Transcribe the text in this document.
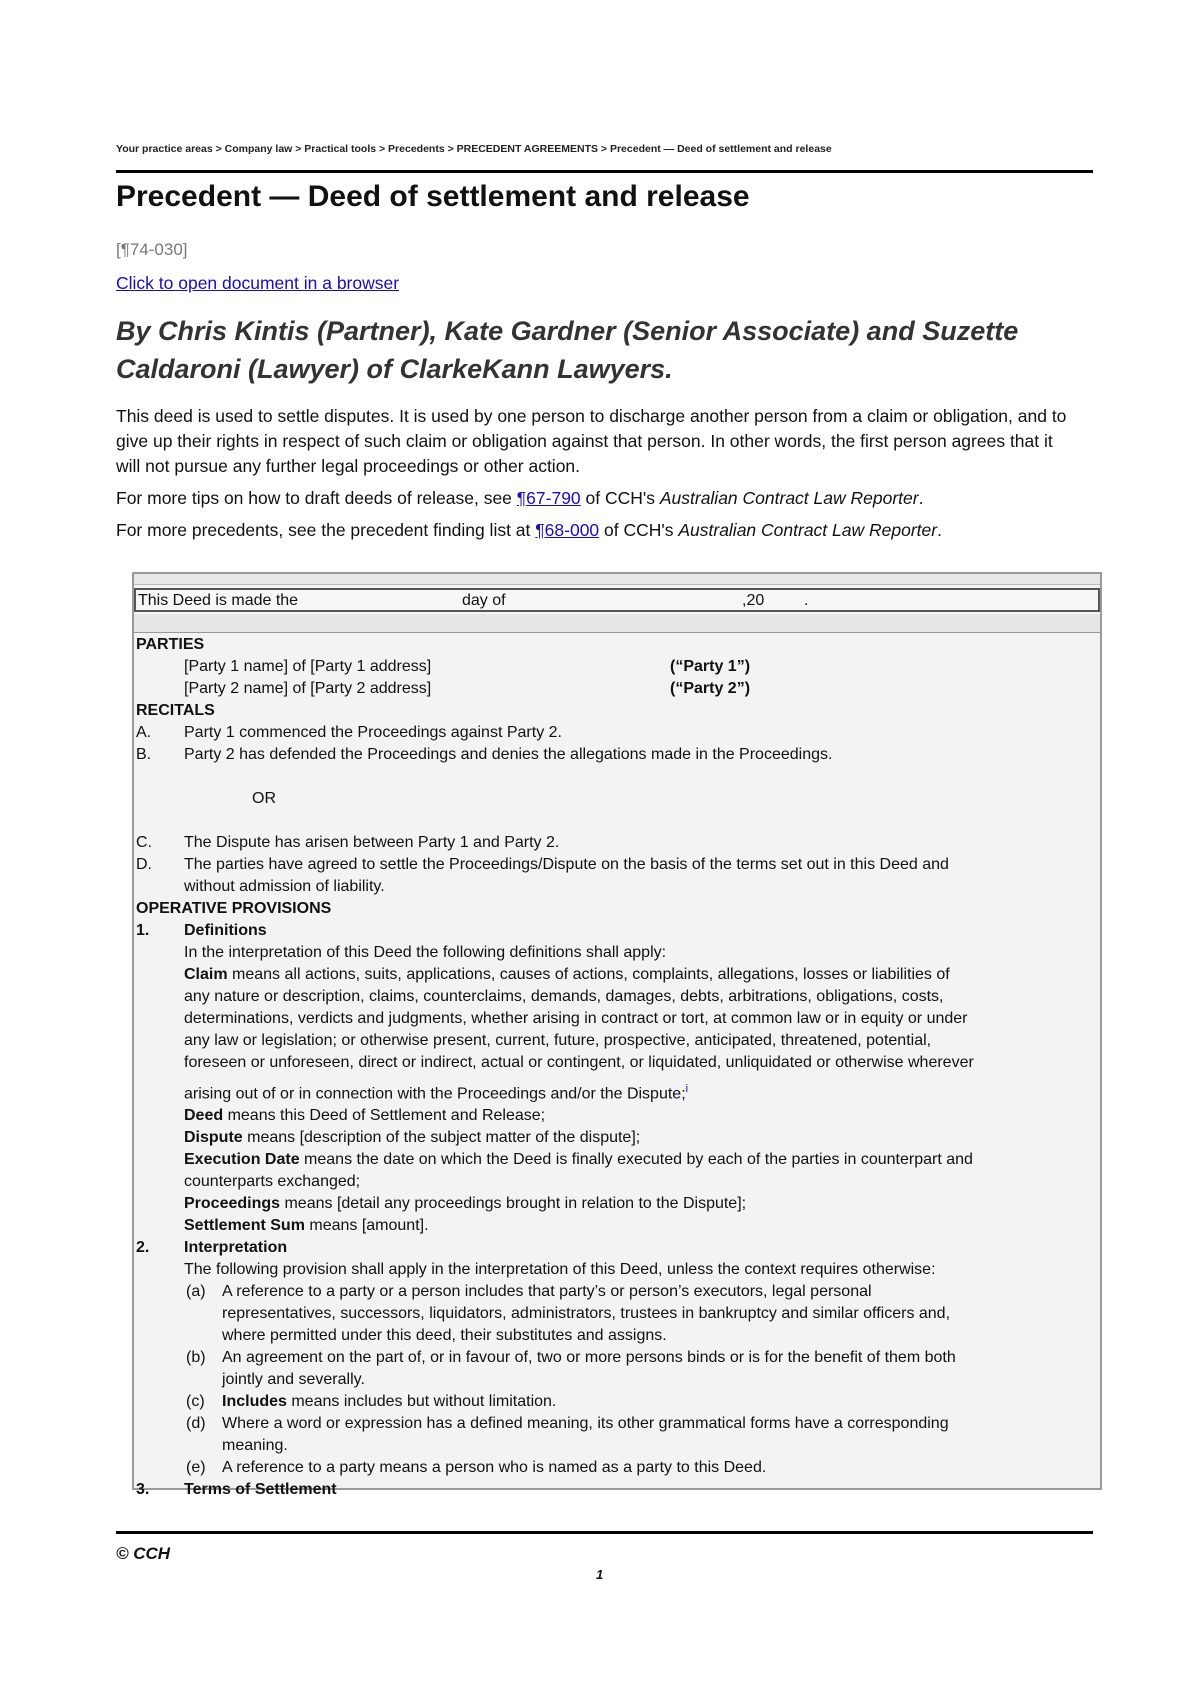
Your practice areas > Company law > Practical tools > Precedents > PRECEDENT AGREEMENTS > Precedent — Deed of settlement and release
Precedent — Deed of settlement and release
[¶74-030]
Click to open document in a browser
By Chris Kintis (Partner), Kate Gardner (Senior Associate) and Suzette Caldaroni (Lawyer) of ClarkeKann Lawyers.

This deed is used to settle disputes. It is used by one person to discharge another person from a claim or obligation, and to give up their rights in respect of such claim or obligation against that person. In other words, the first person agrees that it will not pursue any further legal proceedings or other action.

For more tips on how to draft deeds of release, see ¶67-790 of CCH's Australian Contract Law Reporter.

For more precedents, see the precedent finding list at ¶68-000 of CCH's Australian Contract Law Reporter.

This Deed is made the	day of	,20 .
PARTIES
[Party 1 name] of [Party 1 address]	(“Party 1”)
[Party 2 name] of [Party 2 address]	(“Party 2”)
RECITALS
A. Party 1 commenced the Proceedings against Party 2.
B. Party 2 has defended the Proceedings and denies the allegations made in the Proceedings.
OR
C. The Dispute has arisen between Party 1 and Party 2.
D. The parties have agreed to settle the Proceedings/Dispute on the basis of the terms set out in this Deed and
without admission of liability.
OPERATIVE PROVISIONS
1. Definitions
In the interpretation of this Deed the following definitions shall apply:
Claim means all actions, suits, applications, causes of actions, complaints, allegations, losses or liabilities of
any nature or description, claims, counterclaims, demands, damages, debts, arbitrations, obligations, costs,
determinations, verdicts and judgments, whether arising in contract or tort, at common law or in equity or under
any law or legislation; or otherwise present, current, future, prospective, anticipated, threatened, potential,
foreseen or unforeseen, direct or indirect, actual or contingent, or liquidated, unliquidated or otherwise wherever
arising out of or in connection with the Proceedings and/or the Dispute;$^i$
Deed means this Deed of Settlement and Release;
Dispute means [description of the subject matter of the dispute];
Execution Date means the date on which the Deed is finally executed by each of the parties in counterpart and
counterparts exchanged;
Proceedings means [detail any proceedings brought in relation to the Dispute];
Settlement Sum means [amount].
2. Interpretation
The following provision shall apply in the interpretation of this Deed, unless the context requires otherwise:
(a) A reference to a party or a person includes that party’s or person’s executors, legal personal
representatives, successors, liquidators, administrators, trustees in bankruptcy and similar officers and,
where permitted under this deed, their substitutes and assigns.
(b) An agreement on the part of, or in favour of, two or more persons binds or is for the benefit of them both
jointly and severally.
(c) Includes means includes but without limitation.
(d) Where a word or expression has a defined meaning, its other grammatical forms have a corresponding
meaning.
(e) A reference to a party means a person who is named as a party to this Deed.
3. Terms of Settlement
© CCH
1
